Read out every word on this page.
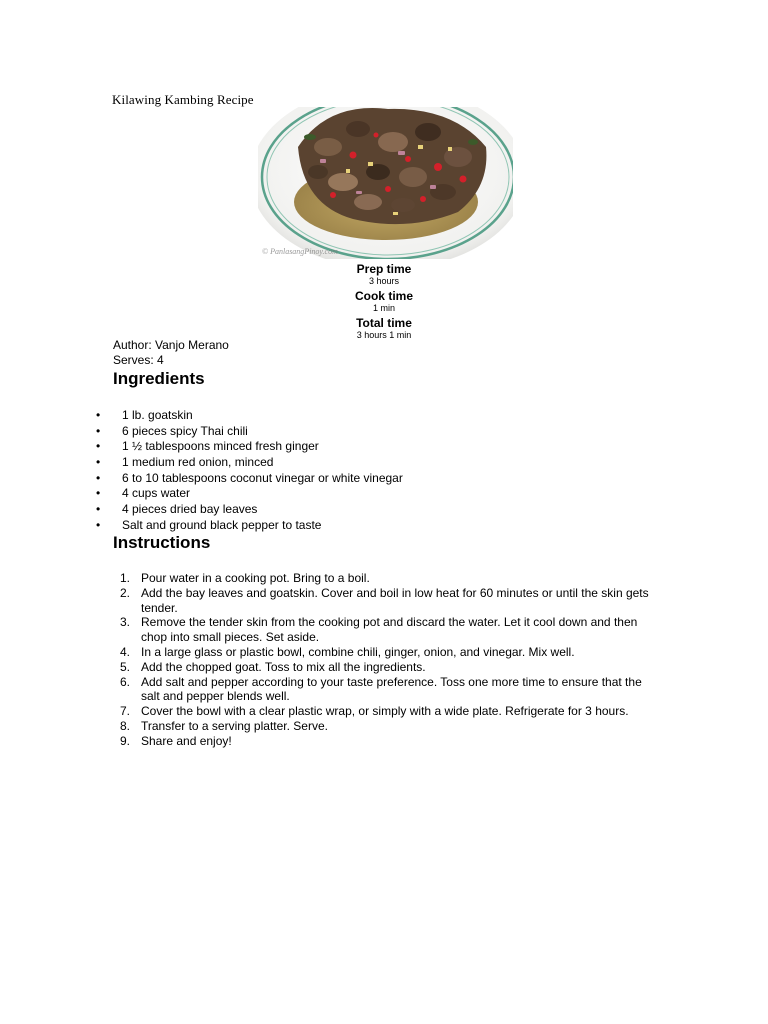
Kilawing Kambing Recipe
© PanlasangPinoy.com
Prep time
3 hours
Cook time
1 min
Total time
3 hours 1 min
Author: Vanjo Merano
Serves: 4
Ingredients
• 1 lb. goatskin
• 6 pieces spicy Thai chili
• 1 ½ tablespoons minced fresh ginger
• 1 medium red onion, minced
• 6 to 10 tablespoons coconut vinegar or white vinegar
• 4 cups water
• 4 pieces dried bay leaves
• Salt and ground black pepper to taste
Instructions
1. Pour water in a cooking pot. Bring to a boil.
2. Add the bay leaves and goatskin. Cover and boil in low heat for 60 minutes or until the skin gets tender.
3. Remove the tender skin from the cooking pot and discard the water. Let it cool down and then chop into small pieces. Set aside.
4. In a large glass or plastic bowl, combine chili, ginger, onion, and vinegar. Mix well.
5. Add the chopped goat. Toss to mix all the ingredients.
6. Add salt and pepper according to your taste preference. Toss one more time to ensure that the salt and pepper blends well.
7. Cover the bowl with a clear plastic wrap, or simply with a wide plate. Refrigerate for 3 hours.
8. Transfer to a serving platter. Serve.
9. Share and enjoy!
